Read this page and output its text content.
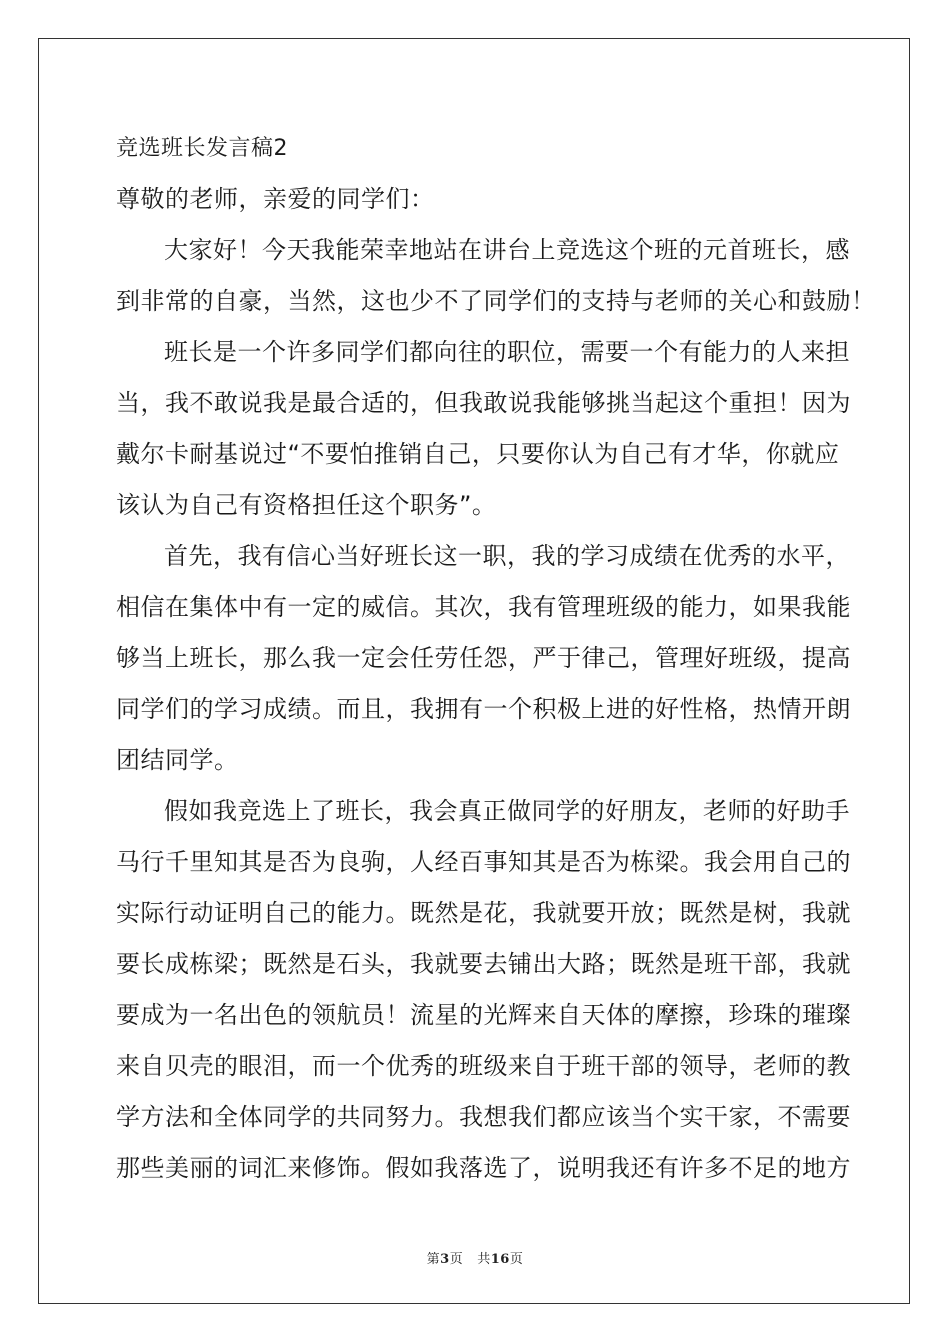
竞选班长发言稿2
尊敬的老师，亲爱的同学们：
大家好！今天我能荣幸地站在讲台上竞选这个班的元首班长，感
到非常的自豪，当然，这也少不了同学们的支持与老师的关心和鼓励！
班长是一个许多同学们都向往的职位，需要一个有能力的人来担
当，我不敢说我是最合适的，但我敢说我能够挑当起这个重担！因为
戴尔卡耐基说过“不要怕推销自己，只要你认为自己有才华，你就应
该认为自己有资格担任这个职务”。
首先，我有信心当好班长这一职，我的学习成绩在优秀的水平，
相信在集体中有一定的威信。其次，我有管理班级的能力，如果我能
够当上班长，那么我一定会任劳任怨，严于律己，管理好班级，提高
同学们的学习成绩。而且，我拥有一个积极上进的好性格，热情开朗
团结同学。
假如我竞选上了班长，我会真正做同学的好朋友，老师的好助手
马行千里知其是否为良驹，人经百事知其是否为栋梁。我会用自己的
实际行动证明自己的能力。既然是花，我就要开放；既然是树，我就
要长成栋梁；既然是石头，我就要去铺出大路；既然是班干部，我就
要成为一名出色的领航员！流星的光辉来自天体的摩擦，珍珠的璀璨
来自贝壳的眼泪，而一个优秀的班级来自于班干部的领导，老师的教
学方法和全体同学的共同努力。我想我们都应该当个实干家，不需要
那些美丽的词汇来修饰。假如我落选了，说明我还有许多不足的地方
第3页 共16页
